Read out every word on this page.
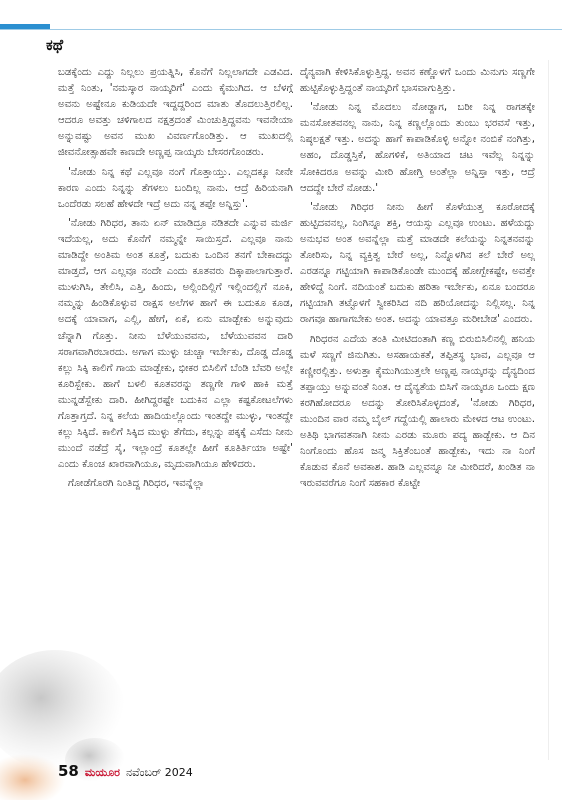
ಕಥೆ

ಬಡಕ್ಕೆಂದು ಎದ್ದು ನಿಲ್ಲಲು ಪ್ರಯತ್ನಿಸಿ, ಕೊನೆಗೆ ನಿಲ್ಲಲಾಗದೇ ಎಡವಿದ. ಮತ್ತೆ ನಿಂತು, 'ನಮಸ್ಕಾರ ನಾಯ್ಕರಿಗೆ' ಎಂದು ಕೈಮುಗಿದ. ಆ ಬೆಳಗ್ಗೆ ಅವನು ಅಷ್ಟೇನೂ ಕುಡಿಯದೇ ಇದ್ದದ್ದರಿಂದ ಮಾತು ತೊದಲುತ್ತಿರಲಿಲ್ಲ. ಆದರೂ ಅವತ್ತು ಚಳಿಗಾಲದ ನಕ್ಷತ್ರದಂತೆ ಮಿಂಚುತ್ತಿದ್ದವನು ಇವನೇಯಾ ಅನ್ನುವಷ್ಟು ಅವನ ಮುಖ ವಿವರ್ಣಗೊಂಡಿತ್ತು. ಆ ಮುಖದಲ್ಲಿ ಜೀವನೋತ್ಸಾಹವೇ ಕಾಣದೇ ಅಣ್ಣಪ್ಪ ನಾಯ್ಕರು ಬೇಸರಗೊಂಡರು.

'ನೋಡು ನಿನ್ನ ಕಥೆ ಎಲ್ಲವೂ ನಂಗೆ ಗೊತ್ತಾಯ್ತು. ಎಲ್ಲದಕ್ಕೂ ನೀನೇ ಕಾರಣ ಎಂದು ನಿನ್ನನ್ನು ತೆಗಳಲು ಬಂದಿಲ್ಲ ನಾನು. ಆದ್ರೆ ಹಿರಿಯನಾಗಿ ಒಂದೆರಡು ಸಲಹೆ ಹೇಳದೇ ಇದ್ರೆ ಅದು ನನ್ನ ತಪ್ಪೇ ಅನ್ನಿಸ್ತು'.

'ನೋಡು ಗಿರಿಧರ, ತಾನು ಏನ್ ಮಾಡಿದ್ರೂ ನಡಿತದೇ ಎನ್ನುವ ಮರ್ಜಿ ಇದೆಯಲ್ಲ, ಅದು ಕೊನೆಗೆ ನಮ್ಮನ್ನೇ ಸಾಯಿಸ್ತದೆ. ಎಲ್ಲವೂ ನಾನು ಮಾಡಿದ್ದೇ ಅಂತಿಮ ಅಂತ ಕೂತ್ರೆ, ಬದುಕು ಒಂದಿನ ತನಗೆ ಬೇಕಾದದ್ದು ಮಾಡ್ತದೆ, ಆಗ ಎಲ್ಲವೂ ನಂದೇ ಎಂದು ಕೂತವರು ದಿಕ್ಕಾಪಾಲಾಗುತ್ತಾರೆ. ಮುಳುಗಿಸಿ, ತೇಲಿಸಿ, ಎತ್ತಿ, ಹಿಂದು, ಅಲ್ಲಿಂದಿಲ್ಲಿಗೆ ಇಲ್ಲಿಂದಲ್ಲಿಗೆ ನೂಕಿ, ನಮ್ಮನ್ನು ಹಿಂಡಿಕೊಳ್ಳುವ ರಾಕ್ಷಸ ಅಲೆಗಳ ಹಾಗೆ ಈ ಬದುಕೂ ಕೂಡ, ಅದಕ್ಕೆ ಯಾವಾಗ, ಎಲ್ಲಿ, ಹೇಗೆ, ಏಕೆ, ಏನು ಮಾಡ್ಬೇಕು ಅನ್ನುವುದು ಚೆನ್ನಾಗಿ ಗೊತ್ತು. ನೀನು ಬೆಳೆಯುವವನು, ಬೆಳೆಯುವವನ ದಾರಿ ಸರಾಗವಾಗಿರಬಾರದು. ಅಗಾಗ ಮುಳ್ಳು ಚುಚ್ಚಾ ಇರ್ಬೇಕು, ದೊಡ್ಡ ದೊಡ್ಡ ಕಲ್ಲು ಸಿಕ್ಕಿ ಕಾಲಿಗೆ ಗಾಯ ಮಾಡ್ಬೇಕು, ಭೀಕರ ಬಿಸಿಲಿಗೆ ಬೆಂಡಿ ಬೆವರಿ ಅಲ್ಲೇ ಕೂರಿಸ್ಬೇಕು. ಹಾಗೆ ಬಳಲಿ ಕೂತವರನ್ನು ತಣ್ಣಗೇ ಗಾಳಿ ಹಾಕಿ ಮತ್ತೆ ಮುನ್ನಡೆಸ್ಬೇಕು ದಾರಿ. ಹೀಗಿದ್ದರಷ್ಟೇ ಬದುಕಿನ ಎಲ್ಲಾ ಕಷ್ಟಕೋಟಲೆಗಳು ಗೊತ್ತಾಗ್ತದೆ. ನಿನ್ನ ಕಲೆಯ ಹಾದಿಯಲ್ಲೊಂದು ಇಂತದ್ದೇ ಮುಳ್ಳು, ಇಂತದ್ದೇ ಕಲ್ಲು ಸಿಕ್ಕಿದೆ. ಕಾಲಿಗೆ ಸಿಕ್ಕಿದ ಮುಳ್ಳು ತೆಗೆದು, ಕಲ್ಲನ್ನು ಪಕ್ಕಕ್ಕೆ ಎಸೆದು ನೀನು ಮುಂದೆ ನಡೆದ್ರೆ ಸೈ, ಇಲ್ಲಾಂದ್ರೆ ಕೂತಲ್ಲೇ ಹೀಗೆ ಕೂತಿರ್ತಿಯಾ ಅಷ್ಟೇ' ಎಂದು ಕೊಂಚ ಖಾರವಾಗಿಯೂ, ಮೃದುವಾಗಿಯೂ ಹೇಳಿದರು.

ಗೋಡೆಗೊರಗಿ ನಿಂತಿದ್ದ ಗಿರಿಧರ, ಇವನ್ನೆಲ್ಲಾ

ದೈನ್ಯವಾಗಿ ಕೇಳಿಸಿಕೊಳ್ಳುತ್ತಿದ್ದ. ಅವನ ಕಣ್ಣೊಳಗೆ ಒಂದು ಮಿನುಗು ಸಣ್ಣಗೇ ಹುಟ್ಟಿಕೊಳ್ಳುತ್ತಿದ್ದಂತೆ ನಾಯ್ಕರಿಗೆ ಭಾಸವಾಗುತ್ತಿತ್ತು.

'ನೋಡು ನಿನ್ನ ಮೊದಲು ನೋಡ್ದಾಗ, ಬರೀ ನಿನ್ನ ರಾಗತಕ್ಕೇ ಮನಸೋತವನಲ್ಲ ನಾನು, ನಿನ್ನ ಕಣ್ಣಲ್ಲೊಂದು ತುಂಬು ಭರವಸೆ ಇತ್ತು, ನಿಷ್ಠಲಕ್ಷತೆ ಇತ್ತು. ಅದನ್ನು ಹಾಗೆ ಕಾಪಾಡಿಕೊಳ್ಳಿ ಅನ್ನೋ ನಂಬಿಕೆ ನಂಗಿತ್ತು, ಅಹಂ, ದೊಡ್ಡಸ್ತಿಕೆ, ಹೊಗಳಿಕೆ, ಅತಿಯಾದ ಚಟ ಇವೆಲ್ಲ ನಿನ್ನನ್ನು ಸೋಕಿದರೂ ಅವನ್ನು ಮೀರಿ ಹೋಗ್ತಿ ಅಂತೆಲ್ಲಾ ಅನ್ನಿಸ್ತಾ ಇತ್ತು, ಆದ್ರೆ ಆದದ್ದೇ ಬೇರೆ ನೋಡು.'

'ನೋಡು ಗಿರಿಧರ ನೀನು ಹೀಗೆ ಕೊಳೆಯುತ್ತ ಕೂರೋದಕ್ಕೆ ಹುಟ್ಟಿದವನಲ್ಲ, ನಿಂಗಿನ್ನೂ ಶಕ್ತಿ, ಆಯಸ್ಸು ಎಲ್ಲವೂ ಉಂಟು. ಹಳೆಯದ್ದು ಅನುಭವ ಅಂತ ಅವನ್ನೆಲ್ಲಾ ಮತ್ತೆ ಮಾಡದೇ ಕಲೆಯನ್ನು ನಿನ್ನತನವನ್ನು ತೋರಿಸು, ನಿನ್ನ ವ್ಯಕ್ತಿತ್ವ ಬೇರೆ ಅಲ್ಲ, ನಿನ್ನೊಳಗಿನ ಕಲೆ ಬೇರೆ ಅಲ್ಲ ಎರಡನ್ನೂ ಗಟ್ಟಿಯಾಗಿ ಕಾಪಾಡಿಕೊಂಡೇ ಮುಂದಕ್ಕೆ ಹೋಗ್ಬೇಕಷ್ಟೇ, ಅವತ್ತೇ ಹೇಳಿದ್ದೆ ನಿಂಗೆ. ನದಿಯಂತೆ ಬದುಕು ಹರಿತಾ ಇರ್ಬೇಕು, ಏನೂ ಬಂದರೂ ಗಟ್ಟಿಯಾಗಿ ತಟ್ಟೊಳಗೆ ಸ್ವೀಕರಿಸಿದ ನದಿ ಹರಿಯೋದನ್ನು ನಿಲ್ಲಿಸಲ್ಲ. ನಿನ್ನ ರಾಗವೂ ಹಾಗಾಗಬೇಕು ಅಂತ. ಅದನ್ನು ಯಾವತ್ತೂ ಮರೀಬೇಡ' ಎಂದರು.

ಗಿರಿಧರನ ಎದೆಯ ತಂತಿ ಮೀಟಿದಂತಾಗಿ ಕಣ್ಣ ಬಿರುಬಿಸಿಲಿನಲ್ಲಿ ಹನಿಯ ಮಳೆ ಸಣ್ಣಗೆ ಜಿನುಗಿತು. ಅಸಹಾಯಕತೆ, ತಪ್ಪಿತಸ್ಥ ಭಾವ, ಎಲ್ಲವೂ ಆ ಕಣ್ಣೀರಲ್ಲಿತ್ತು. ಅಳುತ್ತಾ ಕೈಮುಗಿಯುತ್ತಲೇ ಅಣ್ಣಪ್ಪ ನಾಯ್ಕರನ್ನು ದೈನ್ಯದಿಂದ ತಪ್ಪಾಯ್ತು ಅನ್ನುವಂತೆ ನಿಂತ. ಆ ದೈನ್ಯತೆಯ ಬಿಸಿಗೆ ನಾಯ್ಕರೂ ಒಂದು ಕ್ಷಣ ಕರಗಿಹೋದರೂ ಅದನ್ನು ತೋರಿಸಿಕೊಳ್ಳದಂತೆ, 'ನೋಡು ಗಿರಿಧರ, ಮುಂದಿನ ವಾರ ನಮ್ಮ ಬೈಲ್ ಗದ್ದೆಯಲ್ಲಿ ಹಾಲಾರು ಮೇಳದ ಆಟ ಉಂಟು. ಅತಿಥಿ ಭಾಗವತನಾಗಿ ನೀನು ಎರಡು ಮೂರು ಪದ್ಯ ಹಾಡ್ಬೇಕು. ಆ ದಿನ ನಿಂಗೊಂದು ಹೊಸ ಜನ್ಮ ಸಿಕ್ತಿತೆಂಬಂತೆ ಹಾಡ್ಬೇಕು, ಇದು ನಾ ನಿಂಗೆ ಕೊಡುವ ಕೊನೆ ಅವಕಾಶ. ಹಾಡಿ ಎಲ್ಲವನ್ನೂ ನೀ ಮೀರಿದರೆ, ಖಂಡಿತ ನಾ ಇರುವವರೆಗೂ ನಿಂಗೆ ಸಹಕಾರ ಕೊಟ್ಟೇ

58 ಮಯೂರ ನವೆಂಬರ್ 2024
